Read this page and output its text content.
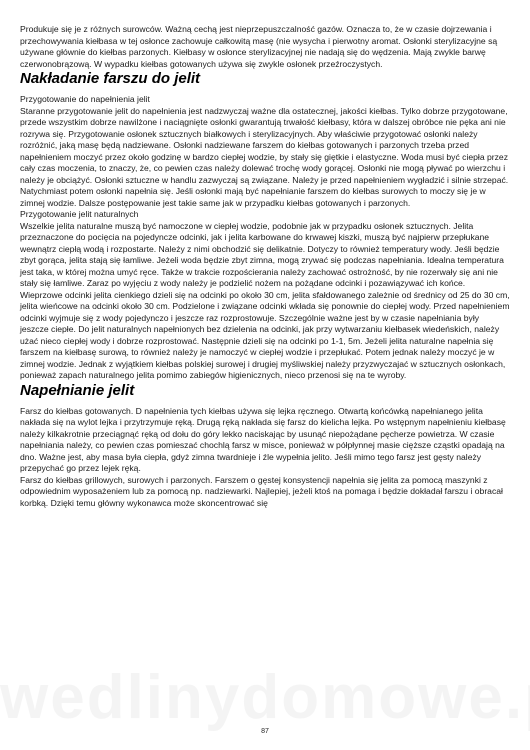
Produkuje się je z różnych surowców. Ważną cechą jest nieprzepuszczalność gazów. Oznacza to, że w czasie dojrzewania i przechowywania kiełbasa w tej osłonce zachowuje całkowitą masę (nie wysycha i pierwotny aromat. Osłonki sterylizacyjne są używane głównie do kiełbas parzonych. Kiełbasy w osłonce sterylizacyjnej nie nadają się do wędzenia. Mają zwykle barwę czerwonobrązową. W wypadku kiełbas gotowanych używa się zwykle osłonek przeźroczystych.

Nakładanie farszu do jelit

Przygotowanie do napełnienia jelit

Staranne przygotowanie jelit do napełnienia jest nadzwyczaj ważne dla ostatecznej, jakości kiełbas. Tylko dobrze przygotowane, przede wszystkim dobrze nawilżone i naciągnięte osłonki gwarantują trwałość kiełbasy, która w dalszej obróbce nie pęka ani nie rozrywa się. Przygotowanie osłonek sztucznych białkowych i sterylizacyjnych. Aby właściwie przygotować osłonki należy rozróżnić, jaką masę będą nadziewane. Osłonki nadziewane farszem do kiełbas gotowanych i parzonych trzeba przed napełnieniem moczyć przez około godzinę w bardzo ciepłej wodzie, by stały się giętkie i elastyczne. Woda musi być ciepła przez cały czas moczenia, to znaczy, że, co pewien czas należy dolewać trochę wody gorącej. Osłonki nie mogą pływać po wierzchu i należy je obciążyć. Osłonki sztuczne w handlu zazwyczaj są związane. Należy je przed napełnieniem wygładzić i silnie strzepać. Natychmiast potem osłonki napełnia się. Jeśli osłonki mają być napełnianie farszem do kiełbas surowych to moczy się je w zimnej wodzie. Dalsze postępowanie jest takie same jak w przypadku kiełbas gotowanych i parzonych.

Przygotowanie jelit naturalnych

Wszelkie jelita naturalne muszą być namoczone w ciepłej wodzie, podobnie jak w przypadku osłonek sztucznych. Jelita przeznaczone do pocięcia na pojedyncze odcinki, jak i jelita karbowane do krwawej kiszki, muszą być najpierw przepłukane wewnątrz ciepłą wodą i rozpostarte. Należy z nimi obchodzić się delikatnie. Dotyczy to również temperatury wody. Jeśli będzie zbyt gorąca, jelita stają się łamliwe. Jeżeli woda będzie zbyt zimna, mogą zrywać się podczas napełniania. Idealna temperatura jest taka, w której można umyć ręce. Także w trakcie rozpościerania należy zachować ostrożność, by nie rozerwały się ani nie stały się łamliwe. Zaraz po wyjęciu z wody należy je podzielić nożem na pożądane odcinki i pozawiązywać ich końce. Wieprzowe odcinki jelita cienkiego dzieli się na odcinki po około 30 cm, jelita sfałdowanego zależnie od średnicy od 25 do 30 cm, jelita wieńcowe na odcinki około 30 cm. Podzielone i związane odcinki wkłada się ponownie do ciepłej wody. Przed napełnieniem odcinki wyjmuje się z wody pojedynczo i jeszcze raz rozprostowuje. Szczególnie ważne jest by w czasie napełniania były jeszcze ciepłe. Do jelit naturalnych napełnionych bez dzielenia na odcinki, jak przy wytwarzaniu kiełbasek wiedeńskich, należy użać nieco ciepłej wody i dobrze rozprostować. Następnie dzieli się na odcinki po 1-1, 5m. Jeżeli jelita naturalne napełnia się farszem na kiełbasę surową, to również należy je namoczyć w ciepłej wodzie i przepłukać. Potem jednak należy moczyć je w zimnej wodzie. Jednak z wyjątkiem kiełbas polskiej surowej i drugiej myśliwskiej należy przyzwyczajać w sztucznych osłonkach, ponieważ zapach naturalnego jelita pomimo zabiegów higienicznych, nieco przenosi się na te wyroby.

Napełnianie jelit

Farsz do kiełbas gotowanych. D napełnienia tych kiełbas używa się lejka ręcznego. Otwartą końcówką napełnianego jelita nakłada się na wylot lejka i przytrzymuje ręką. Drugą ręką nakłada się farsz do kielicha lejka. Po wstępnym napełnieniu kiełbasę należy kilkakrotnie przeciągnąć ręką od dołu do góry lekko naciskając by usunąć niepożądane pęcherze powietrza. W czasie napełniania należy, co pewien czas pomieszać chochlą farsz w misce, ponieważ w półpłynnej masie cięższe cząstki opadają na dno. Ważne jest, aby masa była ciepła, gdyż zimna twardnieje i źle wypełnia jelito. Jeśli mimo tego farsz jest gęsty należy przepychać go przez lejek ręką.

Farsz do kiełbas grillowych, surowych i parzonych. Farszem o gęstej konsystencji napełnia się jelita za pomocą maszynki z odpowiednim wyposażeniem lub za pomocą np. nadziewarki. Najlepiej, jeżeli ktoś na pomaga i będzie dokładał farszu i obracał korbką. Dzięki temu główny wykonawca może skoncentrować się

87
